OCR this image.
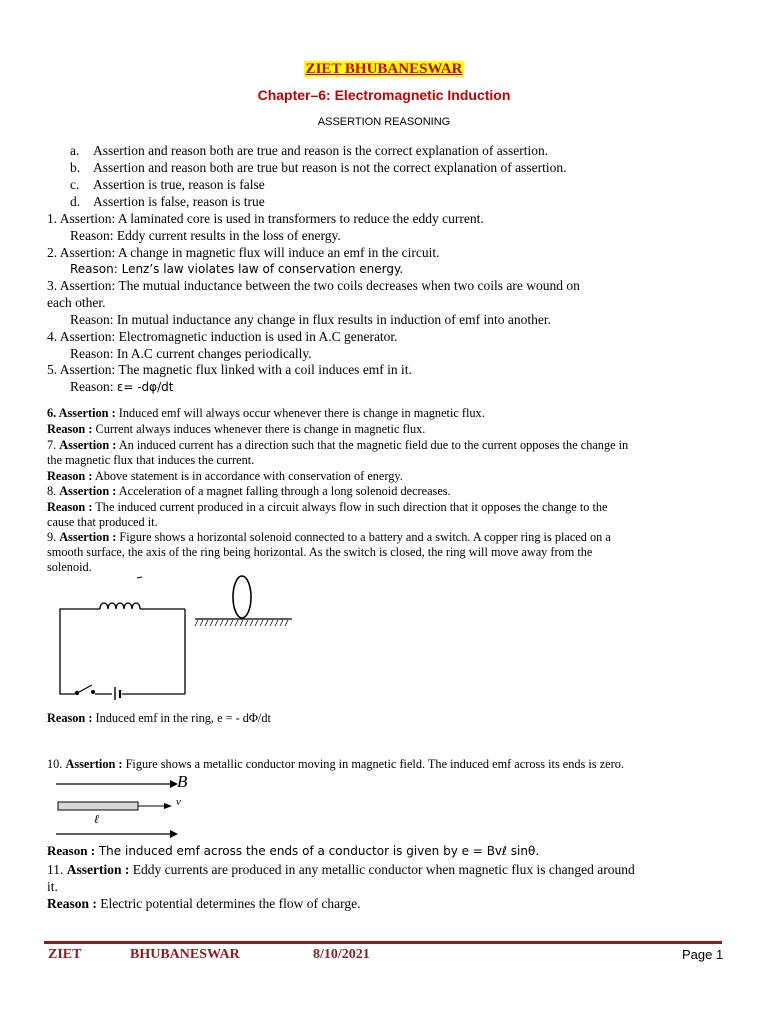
ZIET BHUBANESWAR
Chapter–6: Electromagnetic Induction
ASSERTION REASONING
a. Assertion and reason both are true and reason is the correct explanation of assertion.
b. Assertion and reason both are true but reason is not the correct explanation of assertion.
c. Assertion is true, reason is false
d. Assertion is false, reason is true
1. Assertion: A laminated core is used in transformers to reduce the eddy current.
Reason: Eddy current results in the loss of energy.
2. Assertion: A change in magnetic flux will induce an emf in the circuit.
Reason: Lenz’s law violates law of conservation energy.
3. Assertion: The mutual inductance between the two coils decreases when two coils are wound on
each other.
Reason: In mutual inductance any change in flux results in induction of emf into another.
4. Assertion: Electromagnetic induction is used in A.C generator.
Reason: In A.C current changes periodically.
5. Assertion: The magnetic flux linked with a coil induces emf in it.
Reason: ε= -dφ/dt
6. Assertion : Induced emf will always occur whenever there is change in magnetic flux.
Reason : Current always induces whenever there is change in magnetic flux.
7. Assertion : An induced current has a direction such that the magnetic field due to the current opposes the change in
the magnetic flux that induces the current.
Reason : Above statement is in accordance with conservation of energy.
8. Assertion : Acceleration of a magnet falling through a long solenoid decreases.
Reason : The induced current produced in a circuit always flow in such direction that it opposes the change to the
cause that produced it.
9. Assertion : Figure shows a horizontal solenoid connected to a battery and a switch. A copper ring is placed on a
smooth surface, the axis of the ring being horizontal. As the switch is closed, the ring will move away from the
solenoid.
Reason : Induced emf in the ring, e = - dΦ/dt
10. Assertion : Figure shows a metallic conductor moving in magnetic field. The induced emf across its ends is zero.
B
v
ℓ
Reason : The induced emf across the ends of a conductor is given by e = Bvℓ sinθ.
11. Assertion : Eddy currents are produced in any metallic conductor when magnetic flux is changed around
it.
Reason : Electric potential determines the flow of charge.
ZIET	BHUBANESWAR	8/10/2021	Page 1
